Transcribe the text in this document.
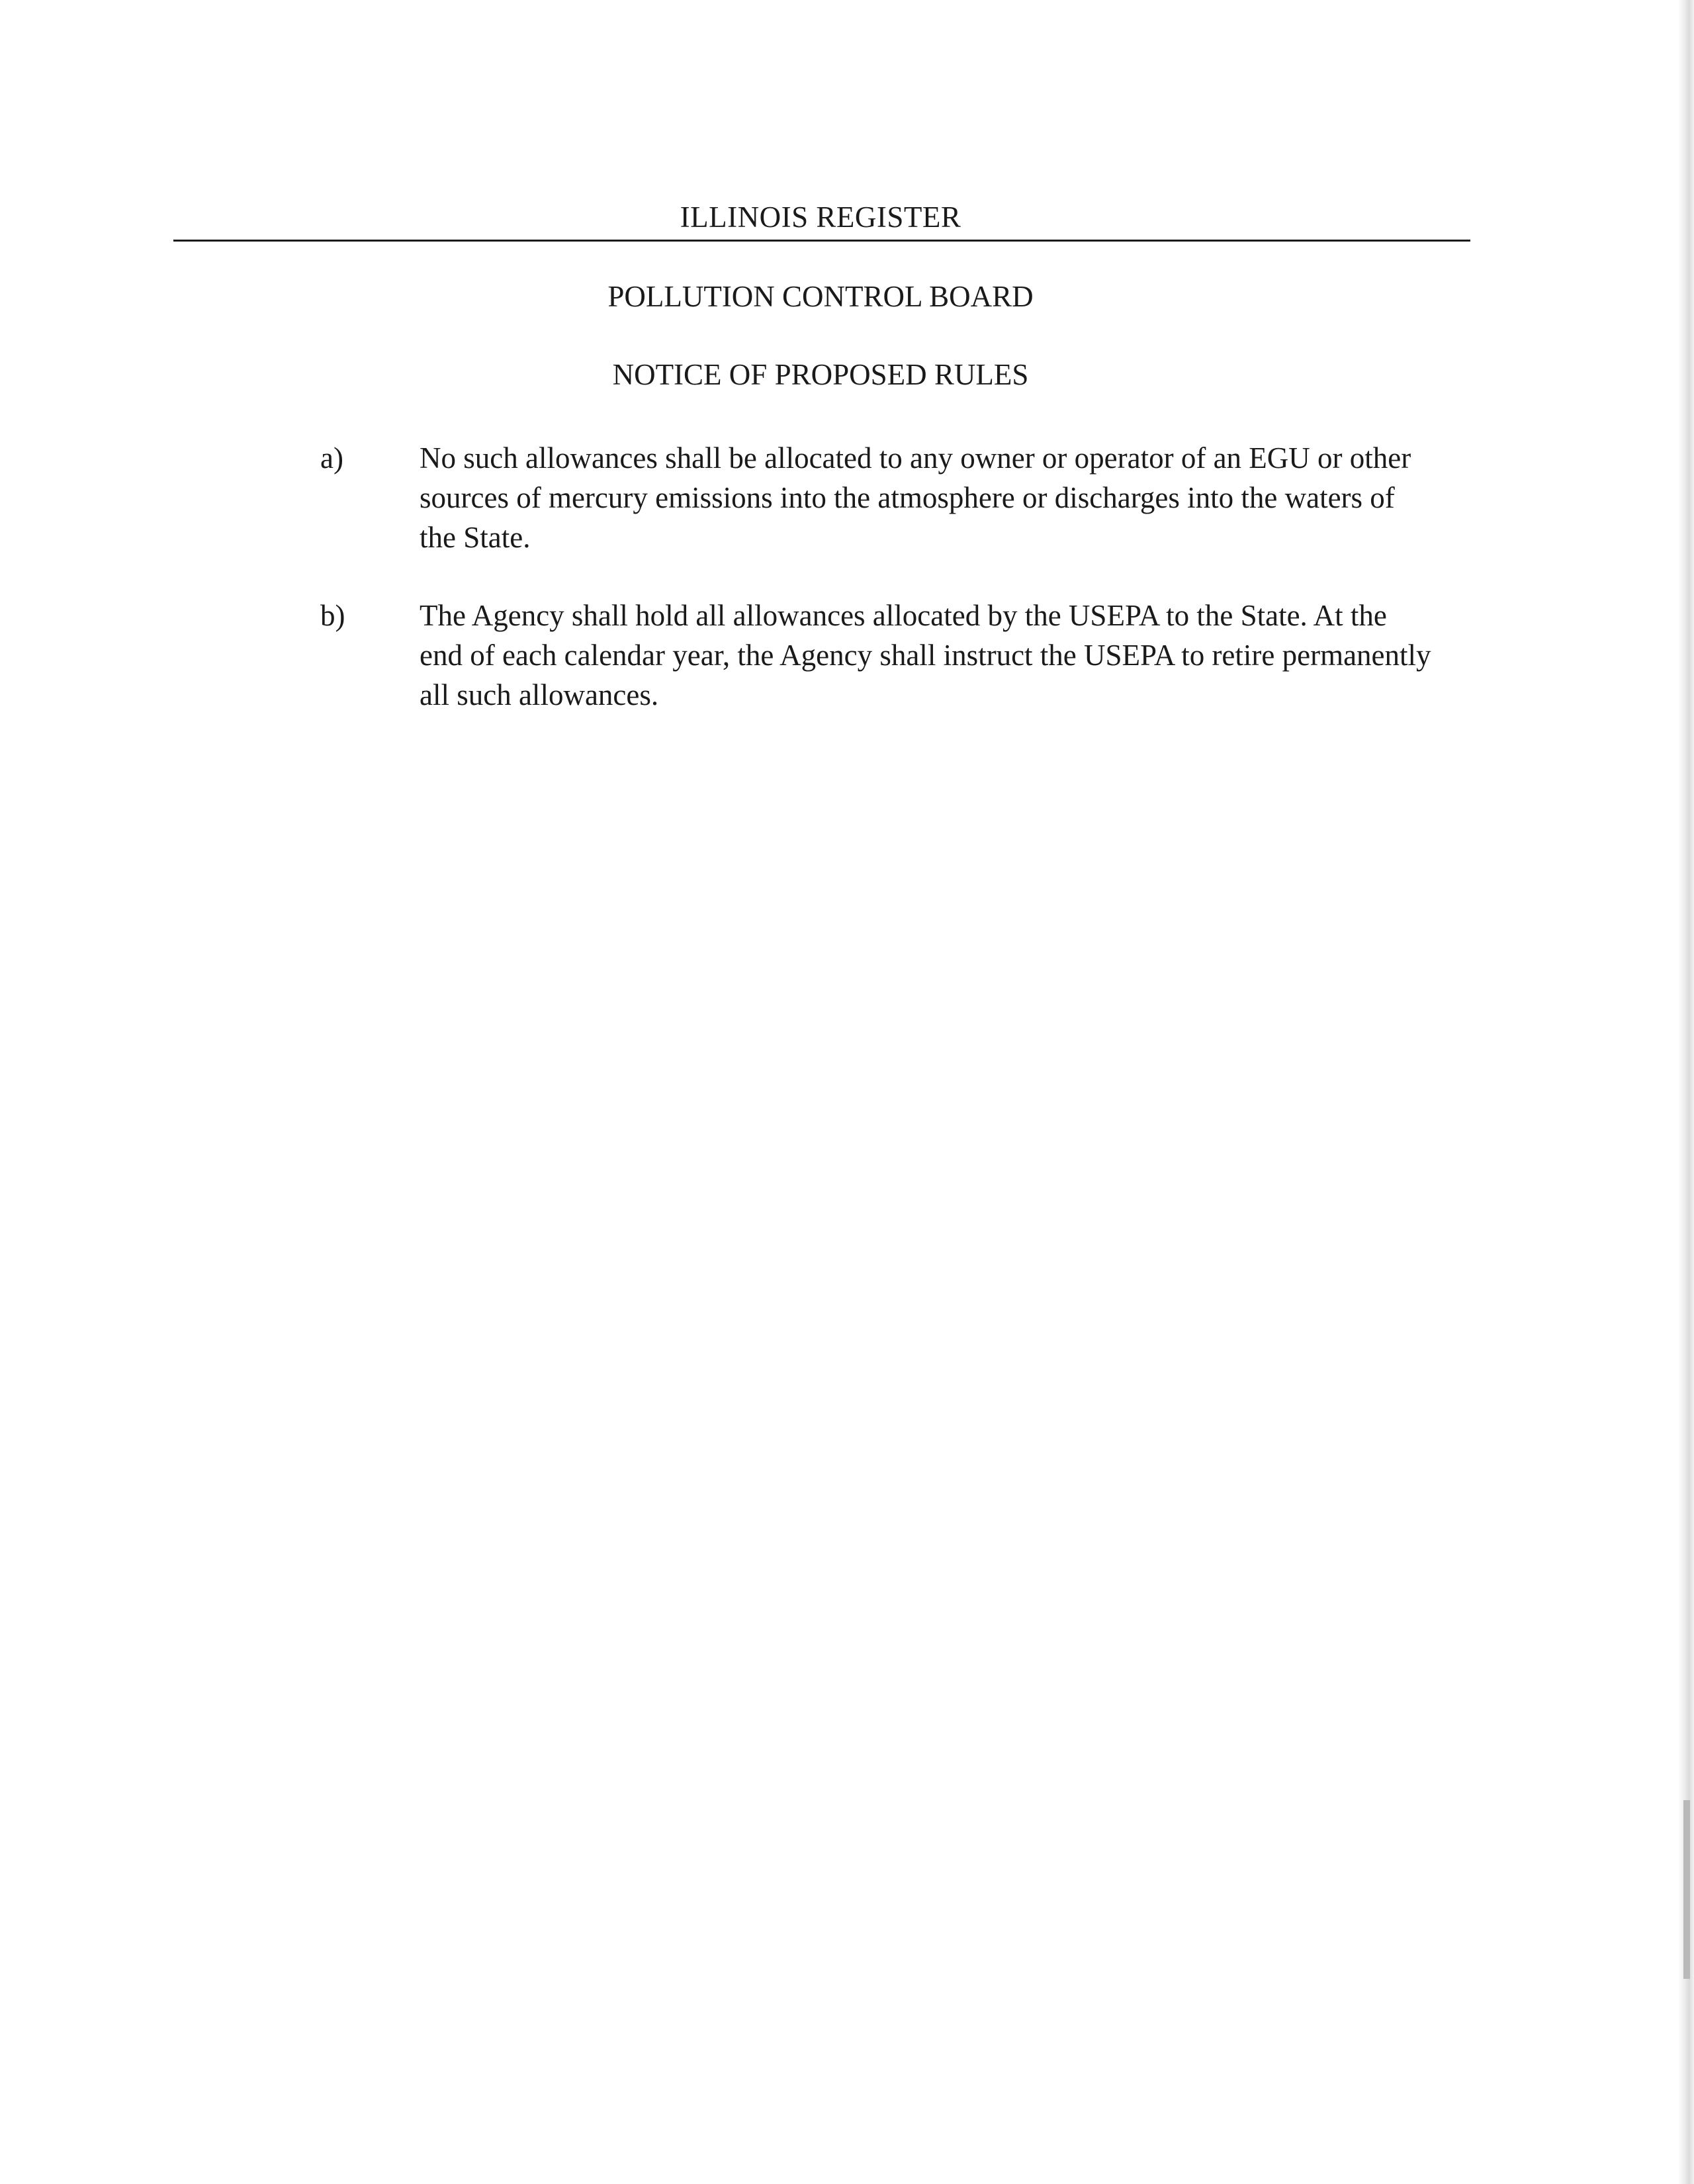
ILLINOIS REGISTER
POLLUTION CONTROL BOARD
NOTICE OF PROPOSED RULES
a)	No such allowances shall be allocated to any owner or operator of an EGU or other sources of mercury emissions into the atmosphere or discharges into the waters of the State.
b)	The Agency shall hold all allowances allocated by the USEPA to the State. At the end of each calendar year, the Agency shall instruct the USEPA to retire permanently all such allowances.
